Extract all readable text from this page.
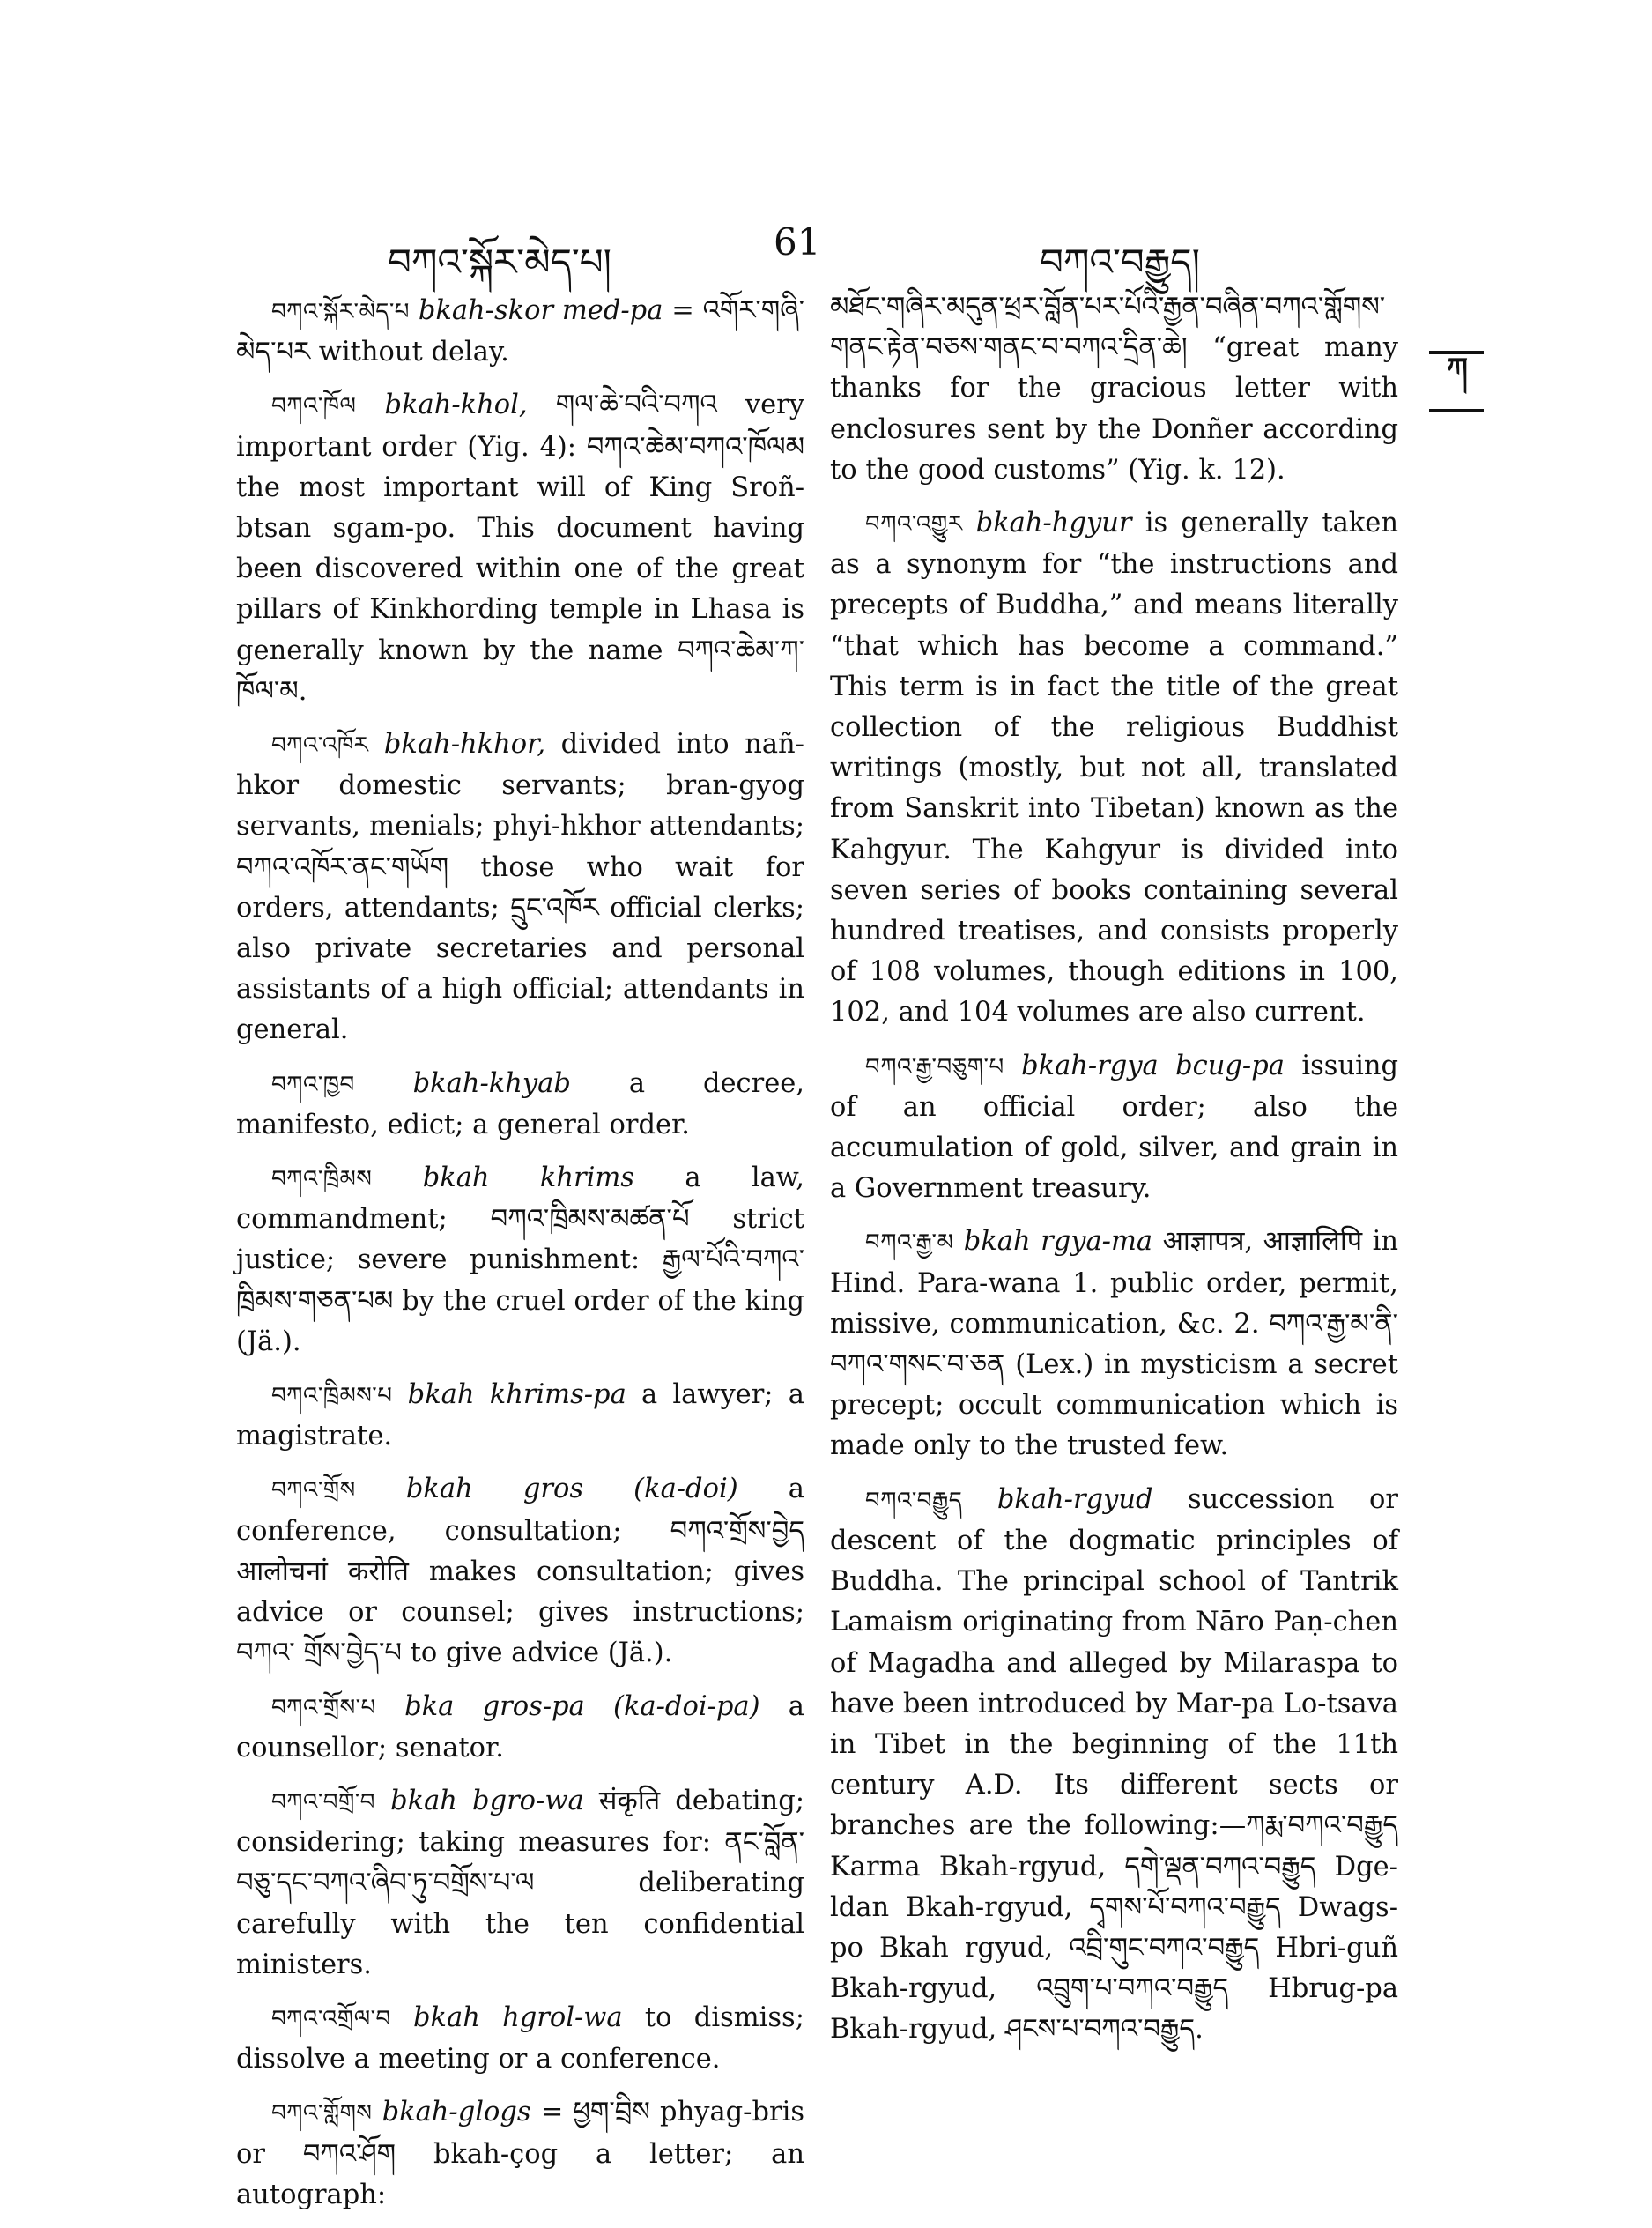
བཀའ་སྐོར་མེད་པ།	61	བཀའ་བརྒྱུད།
ཀ

བཀའ་སྐོར་མེད་པ bkah-skor med-pa = འགོར་གཞི་མེད་པར without delay.

བཀའ་ཁོལ bkah-khol, གལ་ཆེ་བའི་བཀའ very important order (Yig. 4): བཀའ་ཆེམ་བཀའ་ཁོལམ the most important will of King Sroñ-btsan sgam-po. This document having been discovered within one of the great pillars of Kinkhording temple in Lhasa is generally known by the name བཀའ་ཆེམ་ཀ་ཁོལ་མ.

བཀའ་འཁོར bkah-hkhor, divided into nañ-hkor domestic servants; bran-gyog servants, menials; phyi-hkhor attendants; བཀའ་འཁོར་ནང་གཡོག those who wait for orders, attendants; དྲུང་འཁོར official clerks; also private secretaries and personal assistants of a high official; attendants in general.

བཀའ་ཁྱབ bkah-khyab a decree, manifesto, edict; a general order.

བཀའ་ཁྲིམས bkah khrims a law, commandment; བཀའ་ཁྲིམས་མཚན་པོ strict justice; severe punishment: རྒྱལ་པོའི་བཀའ་ཁྲིམས་གཅན་པམ by the cruel order of the king (Jä.).

བཀའ་ཁྲིམས་པ bkah khrims-pa a lawyer; a magistrate.

བཀའ་གྲོས bkah gros (ka-doi) a conference, consultation; བཀའ་གྲོས་བྱེད आलोचनां करोति makes consultation; gives advice or counsel; gives instructions; བཀའ་ གྲོས་བྱེད་པ to give advice (Jä.).

བཀའ་གྲོས་པ bka gros-pa (ka-doi-pa) a counsellor; senator.

བཀའ་བགྲོ་བ bkah bgro-wa संकृति debating; considering; taking measures for: ནང་བློན་བཅུ་དང་བཀའ་ཞིབ་ཏུ་བགྲོས་པ་ལ deliberating carefully with the ten confidential ministers.

བཀའ་འགྲོལ་བ bkah hgrol-wa to dismiss; dissolve a meeting or a conference.

བཀའ་གློགས bkah-glogs = ཕྱག་བྲིས phyag-bris or བཀའ་ཤོག bkah-çog a letter; an autograph:

མཐོང་གཞིར་མདུན་ཕྲར་བློན་པར་པོའི་རྒྱན་བཞིན་བཀའ་གློགས་གནང་རྟེན་བཅས་གནང་བ་བཀའ་དྲིན་ཆེ། “great many thanks for the gracious letter with enclosures sent by the Donñer according to the good customs” (Yig. k. 12).

བཀའ་འགྱུར bkah-hgyur is generally taken as a synonym for “the instructions and precepts of Buddha,” and means literally “that which has become a command.” This term is in fact the title of the great collection of the religious Buddhist writings (mostly, but not all, translated from Sanskrit into Tibetan) known as the Kahgyur. The Kahgyur is divided into seven series of books containing several hundred treatises, and consists properly of 108 volumes, though editions in 100, 102, and 104 volumes are also current.

བཀའ་རྒྱ་བཅུག་པ bkah-rgya bcug-pa issuing of an official order; also the accumulation of gold, silver, and grain in a Government treasury.

བཀའ་རྒྱ་མ bkah rgya-ma आज्ञापत्र, आज्ञालिपि in Hind. Para-wana 1. public order, permit, missive, communication, &c. 2. བཀའ་རྒྱ་མ་ནི་བཀའ་གསང་བ་ཅན (Lex.) in mysticism a secret precept; occult communication which is made only to the trusted few.

བཀའ་བརྒྱུད bkah-rgyud succession or descent of the dogmatic principles of Buddha. The principal school of Tantrik Lamaism originating from Nāro Paṇ-chen of Magadha and alleged by Milaraspa to have been introduced by Mar-pa Lo-tsava in Tibet in the beginning of the 11th century A.D. Its different sects or branches are the following:—ཀརྨ་བཀའ་བརྒྱུད Karma Bkah-rgyud, དགེ་ལྡན་བཀའ་བརྒྱུད Dge-ldan Bkah-rgyud, དྭགས་པོ་བཀའ་བརྒྱུད Dwags-po Bkah rgyud, འབྲི་གུང་བཀའ་བརྒྱུད Hbri-guñ Bkah-rgyud, འབྲུག་པ་བཀའ་བརྒྱུད Hbrug-pa Bkah-rgyud, ཤངས་པ་བཀའ་བརྒྱུད.
